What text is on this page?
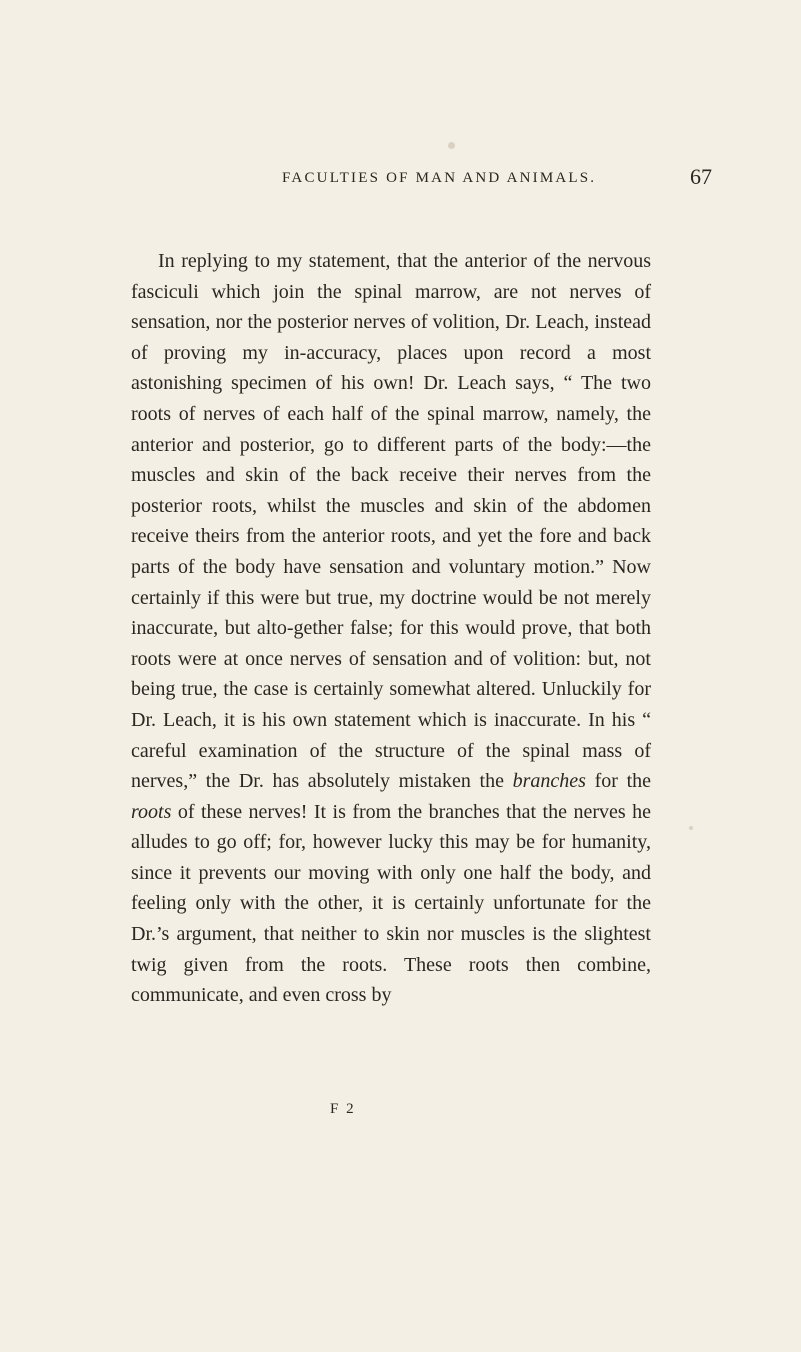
FACULTIES OF MAN AND ANIMALS.	67

In replying to my statement, that the anterior of the nervous fasciculi which join the spinal marrow, are not nerves of sensation, nor the posterior nerves of volition, Dr. Leach, instead of proving my in-accuracy, places upon record a most astonishing specimen of his own! Dr. Leach says, “ The two roots of nerves of each half of the spinal marrow, namely, the anterior and posterior, go to different parts of the body:—the muscles and skin of the back receive their nerves from the posterior roots, whilst the muscles and skin of the abdomen receive theirs from the anterior roots, and yet the fore and back parts of the body have sensation and voluntary motion.” Now certainly if this were but true, my doctrine would be not merely inaccurate, but alto-gether false; for this would prove, that both roots were at once nerves of sensation and of volition: but, not being true, the case is certainly somewhat altered. Unluckily for Dr. Leach, it is his own statement which is inaccurate. In his “ careful examination of the structure of the spinal mass of nerves,” the Dr. has absolutely mistaken the branches for the roots of these nerves! It is from the branches that the nerves he alludes to go off; for, however lucky this may be for humanity, since it prevents our moving with only one half the body, and feeling only with the other, it is certainly unfortunate for the Dr.’s argument, that neither to skin nor muscles is the slightest twig given from the roots. These roots then combine, communicate, and even cross by

F 2
